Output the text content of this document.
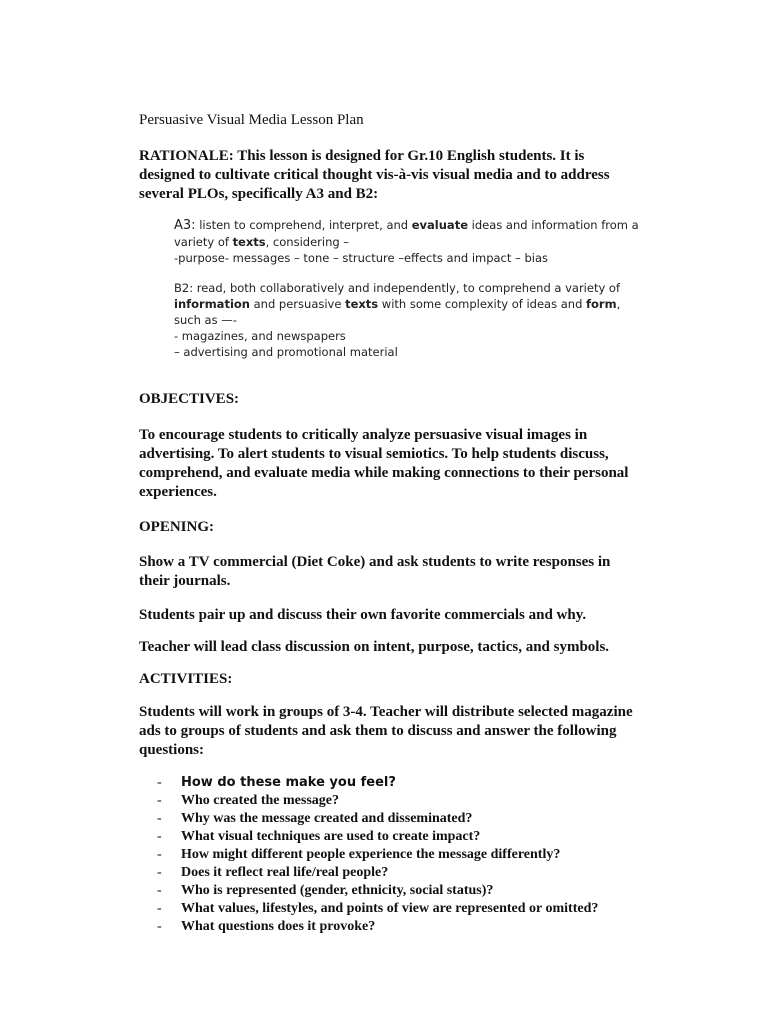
Persuasive Visual Media Lesson Plan

RATIONALE: This lesson is designed for Gr.10 English students. It is designed to cultivate critical thought vis-à-vis visual media and to address several PLOs, specifically A3 and B2:

A3: listen to comprehend, interpret, and evaluate ideas and information from a variety of texts, considering –
-purpose- messages – tone – structure –effects and impact – bias

B2: read, both collaboratively and independently, to comprehend a variety of information and persuasive texts with some complexity of ideas and form, such as —-
- magazines, and newspapers
– advertising and promotional material

OBJECTIVES:

To encourage students to critically analyze persuasive visual images in advertising. To alert students to visual semiotics. To help students discuss, comprehend, and evaluate media while making connections to their personal experiences.

OPENING:

Show a TV commercial (Diet Coke) and ask students to write responses in their journals.

Students pair up and discuss their own favorite commercials and why.

Teacher will lead class discussion on intent, purpose, tactics, and symbols.

ACTIVITIES:

Students will work in groups of 3-4. Teacher will distribute selected magazine ads to groups of students and ask them to discuss and answer the following questions:

- How do these make you feel?
- Who created the message?
- Why was the message created and disseminated?
- What visual techniques are used to create impact?
- How might different people experience the message differently?
- Does it reflect real life/real people?
- Who is represented (gender, ethnicity, social status)?
- What values, lifestyles, and points of view are represented or omitted?
- What questions does it provoke?
